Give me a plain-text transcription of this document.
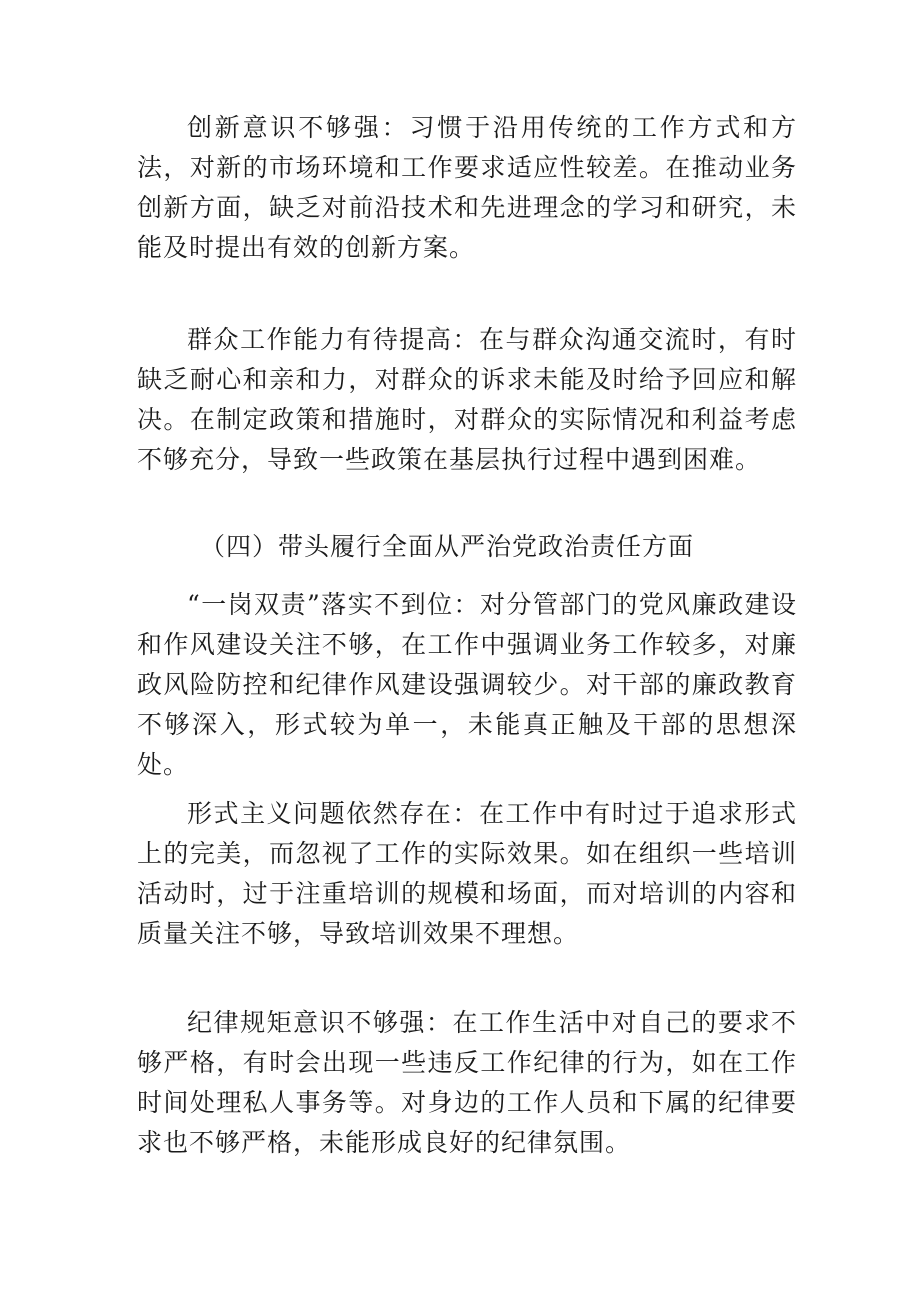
创新意识不够强：习惯于沿用传统的工作方式和方法，对新的市场环境和工作要求适应性较差。在推动业务创新方面，缺乏对前沿技术和先进理念的学习和研究，未能及时提出有效的创新方案。

群众工作能力有待提高：在与群众沟通交流时，有时缺乏耐心和亲和力，对群众的诉求未能及时给予回应和解决。在制定政策和措施时，对群众的实际情况和利益考虑不够充分，导致一些政策在基层执行过程中遇到困难。

（四）带头履行全面从严治党政治责任方面

“一岗双责”落实不到位：对分管部门的党风廉政建设和作风建设关注不够，在工作中强调业务工作较多，对廉政风险防控和纪律作风建设强调较少。对干部的廉政教育不够深入，形式较为单一，未能真正触及干部的思想深处。

形式主义问题依然存在：在工作中有时过于追求形式上的完美，而忽视了工作的实际效果。如在组织一些培训活动时，过于注重培训的规模和场面，而对培训的内容和质量关注不够，导致培训效果不理想。

纪律规矩意识不够强：在工作生活中对自己的要求不够严格，有时会出现一些违反工作纪律的行为，如在工作时间处理私人事务等。对身边的工作人员和下属的纪律要求也不够严格，未能形成良好的纪律氛围。
